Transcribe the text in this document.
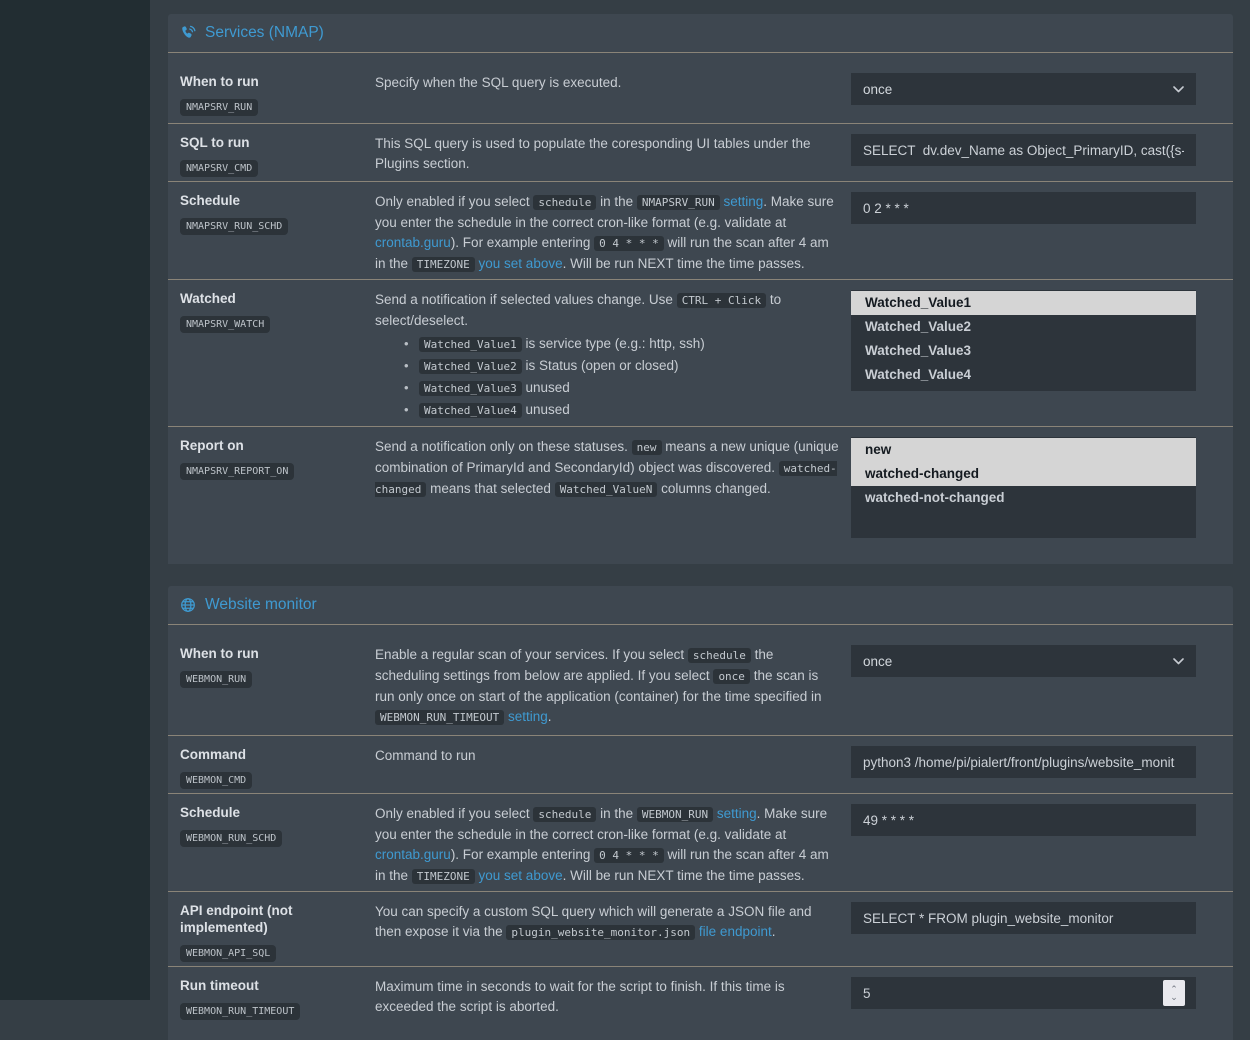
Services (NMAP)
When to run
NMAPSRV_RUN
Specify when the SQL query is executed.	once
SQL to run
NMAPSRV_CMD
This SQL query is used to populate the coresponding UI tables under the Plugins section.
SELECT dv.dev_Name as Object_PrimaryID, cast({s-quo
Schedule
NMAPSRV_RUN_SCHD
Only enabled if you select schedule in the NMAPSRV_RUN setting. Make sure you enter the schedule in the correct cron-like format (e.g. validate at crontab.guru). For example entering 0 4 * * * will run the scan after 4 am in the TIMEZONE you set above. Will be run NEXT time the time passes.
0 2 * * *
Watched
NMAPSRV_WATCH
Send a notification if selected values change. Use CTRL + Click to select/deselect.
• Watched_Value1 is service type (e.g.: http, ssh)
• Watched_Value2 is Status (open or closed)
• Watched_Value3 unused
• Watched_Value4 unused
Watched_Value1
Watched_Value2
Watched_Value3
Watched_Value4
Report on
NMAPSRV_REPORT_ON
Send a notification only on these statuses. new means a new unique (unique combination of PrimaryId and SecondaryId) object was discovered. watched-changed means that selected Watched_ValueN columns changed.
new
watched-changed
watched-not-changed
Website monitor
When to run
WEBMON_RUN
Enable a regular scan of your services. If you select schedule the scheduling settings from below are applied. If you select once the scan is run only once on start of the application (container) for the time specified in WEBMON_RUN_TIMEOUT setting.
once
Command
WEBMON_CMD
Command to run
python3 /home/pi/pialert/front/plugins/website_monit
Schedule
WEBMON_RUN_SCHD
Only enabled if you select schedule in the WEBMON_RUN setting. Make sure you enter the schedule in the correct cron-like format (e.g. validate at crontab.guru). For example entering 0 4 * * * will run the scan after 4 am in the TIMEZONE you set above. Will be run NEXT time the time passes.
49 * * * *
API endpoint (not implemented)
WEBMON_API_SQL
You can specify a custom SQL query which will generate a JSON file and then expose it via the plugin_website_monitor.json file endpoint.
SELECT * FROM plugin_website_monitor
Run timeout
WEBMON_RUN_TIMEOUT
Maximum time in seconds to wait for the script to finish. If this time is exceeded the script is aborted.
5
⌃
⌄
